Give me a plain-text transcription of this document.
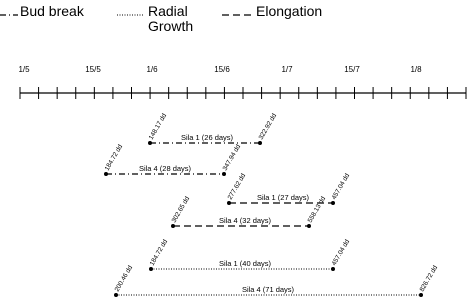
Bud break	Radial Growth
Elongation
1/5	15/5	1/6	15/6	1/7	15/7	1/8
Sila 1 (26 days)
148.17 dd	322.92 dd
Sila 4 (28 days)
184.72 dd	347.94 dd
Sila 1 (27 days)
277.62 dd	457.04 dd
Sila 4 (32 days)
302.65 dd	558.13 dd
Sila 1 (40 days)
184.72 dd	457.04 dd
Sila 4 (71 days)
200.46 dd	826.72 dd
